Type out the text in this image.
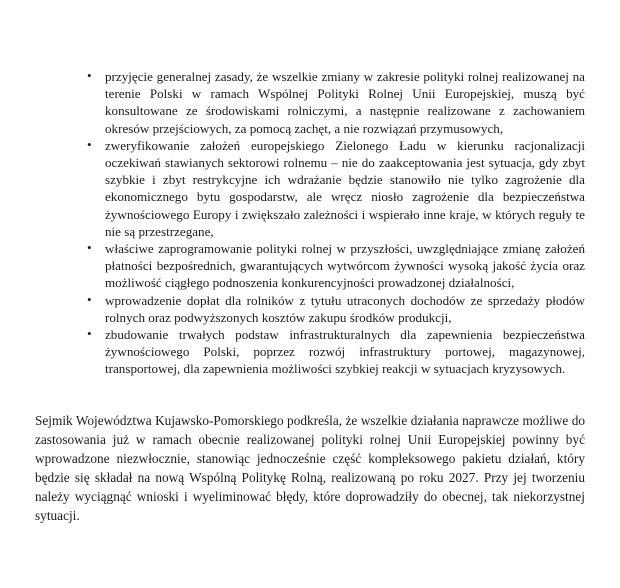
• przyjęcie generalnej zasady, że wszelkie zmiany w zakresie polityki rolnej realizowanej na terenie Polski w ramach Wspólnej Polityki Rolnej Unii Europejskiej, muszą być konsultowane ze środowiskami rolniczymi, a następnie realizowane z zachowaniem okresów przejściowych, za pomocą zachęt, a nie rozwiązań przymusowych,
• zweryfikowanie założeń europejskiego Zielonego Ładu w kierunku racjonalizacji oczekiwań stawianych sektorowi rolnemu – nie do zaakceptowania jest sytuacja, gdy zbyt szybkie i zbyt restrykcyjne ich wdrażanie będzie stanowiło nie tylko zagrożenie dla ekonomicznego bytu gospodarstw, ale wręcz niosło zagrożenie dla bezpieczeństwa żywnościowego Europy i zwiększało zależności i wspierało inne kraje, w których reguły te nie są przestrzegane,
• właściwe zaprogramowanie polityki rolnej w przyszłości, uwzględniające zmianę założeń płatności bezpośrednich, gwarantujących wytwórcom żywności wysoką jakość życia oraz możliwość ciągłego podnoszenia konkurencyjności prowadzonej działalności,
• wprowadzenie dopłat dla rolników z tytułu utraconych dochodów ze sprzedaży płodów rolnych oraz podwyższonych kosztów zakupu środków produkcji,
• zbudowanie trwałych podstaw infrastrukturalnych dla zapewnienia bezpieczeństwa żywnościowego Polski, poprzez rozwój infrastruktury portowej, magazynowej, transportowej, dla zapewnienia możliwości szybkiej reakcji w sytuacjach kryzysowych.

Sejmik Województwa Kujawsko-Pomorskiego podkreśla, że wszelkie działania naprawcze możliwe do zastosowania już w ramach obecnie realizowanej polityki rolnej Unii Europejskiej powinny być wprowadzone niezwłocznie, stanowiąc jednocześnie część kompleksowego pakietu działań, który będzie się składał na nową Wspólną Politykę Rolną, realizowaną po roku 2027. Przy jej tworzeniu należy wyciągnąć wnioski i wyeliminować błędy, które doprowadziły do obecnej, tak niekorzystnej sytuacji.
